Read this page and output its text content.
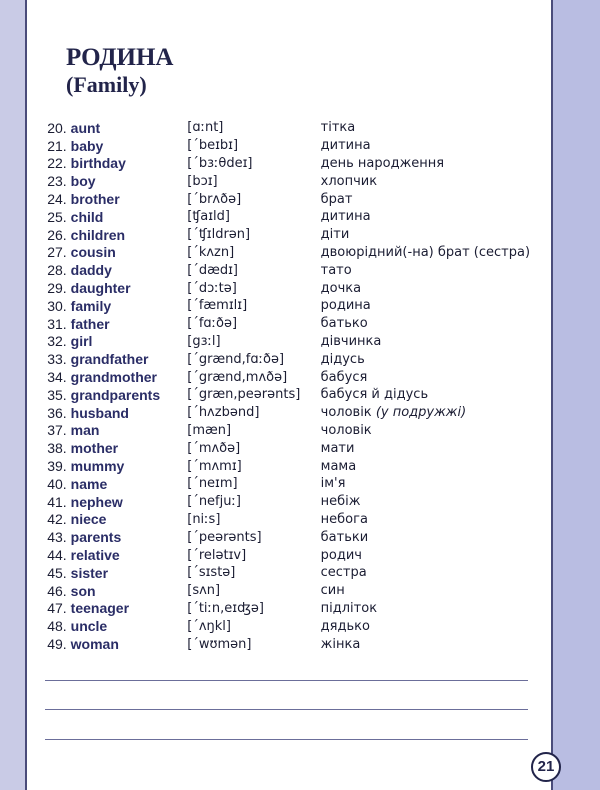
РОДИНА
(Family)
20. aunt	[ɑːnt]	тітка
21. baby	[ˊbeɪbɪ]	дитина
22. birthday	[ˊbɜːθdeɪ]	день народження
23. boy	[bɔɪ]	хлопчик
24. brother	[ˊbrʌðə]	брат
25. child	[ʧaɪld]	дитина
26. children	[ˊʧɪldrən]	діти
27. cousin	[ˊkʌzn]	двоюрідний(-на) брат (сестра)
28. daddy	[ˊdædɪ]	тато
29. daughter	[ˊdɔːtə]	дочка
30. family	[ˊfæmɪlɪ]	родина
31. father	[ˊfɑːðə]	батько
32. girl	[gɜːl]	дівчинка
33. grandfather	[ˊgrænd,fɑːðə]	дідусь
34. grandmother	[ˊgrænd,mʌðə]	бабуся
35. grandparents	[ˊgræn,peərənts]	бабуся й дідусь
36. husband	[ˊhʌzbənd]	чоловік (у подружжі)
37. man	[mæn]	чоловік
38. mother	[ˊmʌðə]	мати
39. mummy	[ˊmʌmɪ]	мама
40. name	[ˊneɪm]	ім'я
41. nephew	[ˊnefjuː]	небіж
42. niece	[niːs]	небога
43. parents	[ˊpeərənts]	батьки
44. relative	[ˊrelətɪv]	родич
45. sister	[ˊsɪstə]	сестра
46. son	[sʌn]	син
47. teenager	[ˊtiːn,eɪʤə]	підліток
48. uncle	[ˊʌŋkl]	дядько
49. woman	[ˊwʊmən]	жінка
21
